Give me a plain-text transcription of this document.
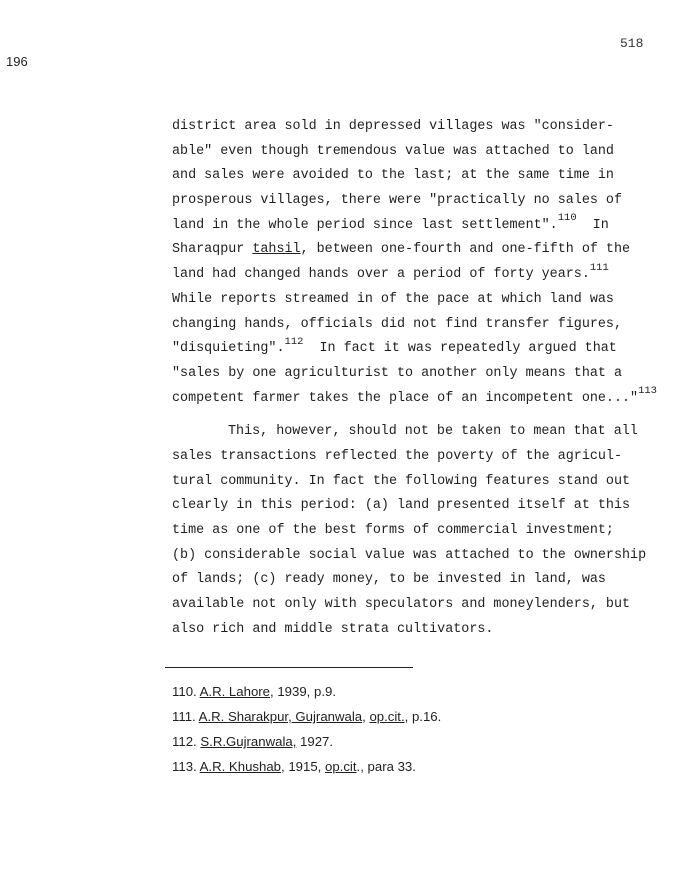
196
518
district area sold in depressed villages was "consider-
able" even though tremendous value was attached to land
and sales were avoided to the last; at the same time in
prosperous villages, there were "practically no sales of
land in the whole period since last settlement".$^{110}$  In
Sharaqpur tahsil, between one-fourth and one-fifth of the
land had changed hands over a period of forty years.$^{111}$
While reports streamed in of the pace at which land was
changing hands, officials did not find transfer figures,
"disquieting".$^{112}$  In fact it was repeatedly argued that
"sales by one agriculturist to another only means that a
competent farmer takes the place of an incompetent one..."$^{113}$
This, however, should not be taken to mean that all
sales transactions reflected the poverty of the agricul-
tural community. In fact the following features stand out
clearly in this period: (a) land presented itself at this
time as one of the best forms of commercial investment;
(b) considerable social value was attached to the ownership
of lands; (c) ready money, to be invested in land, was
available not only with speculators and moneylenders, but
also rich and middle strata cultivators.
110. A.R. Lahore, 1939, p.9.
111. A.R. Sharakpur, Gujranwala, op.cit., p.16.
112. S.R.Gujranwala, 1927.
113. A.R. Khushab, 1915, op.cit., para 33.
